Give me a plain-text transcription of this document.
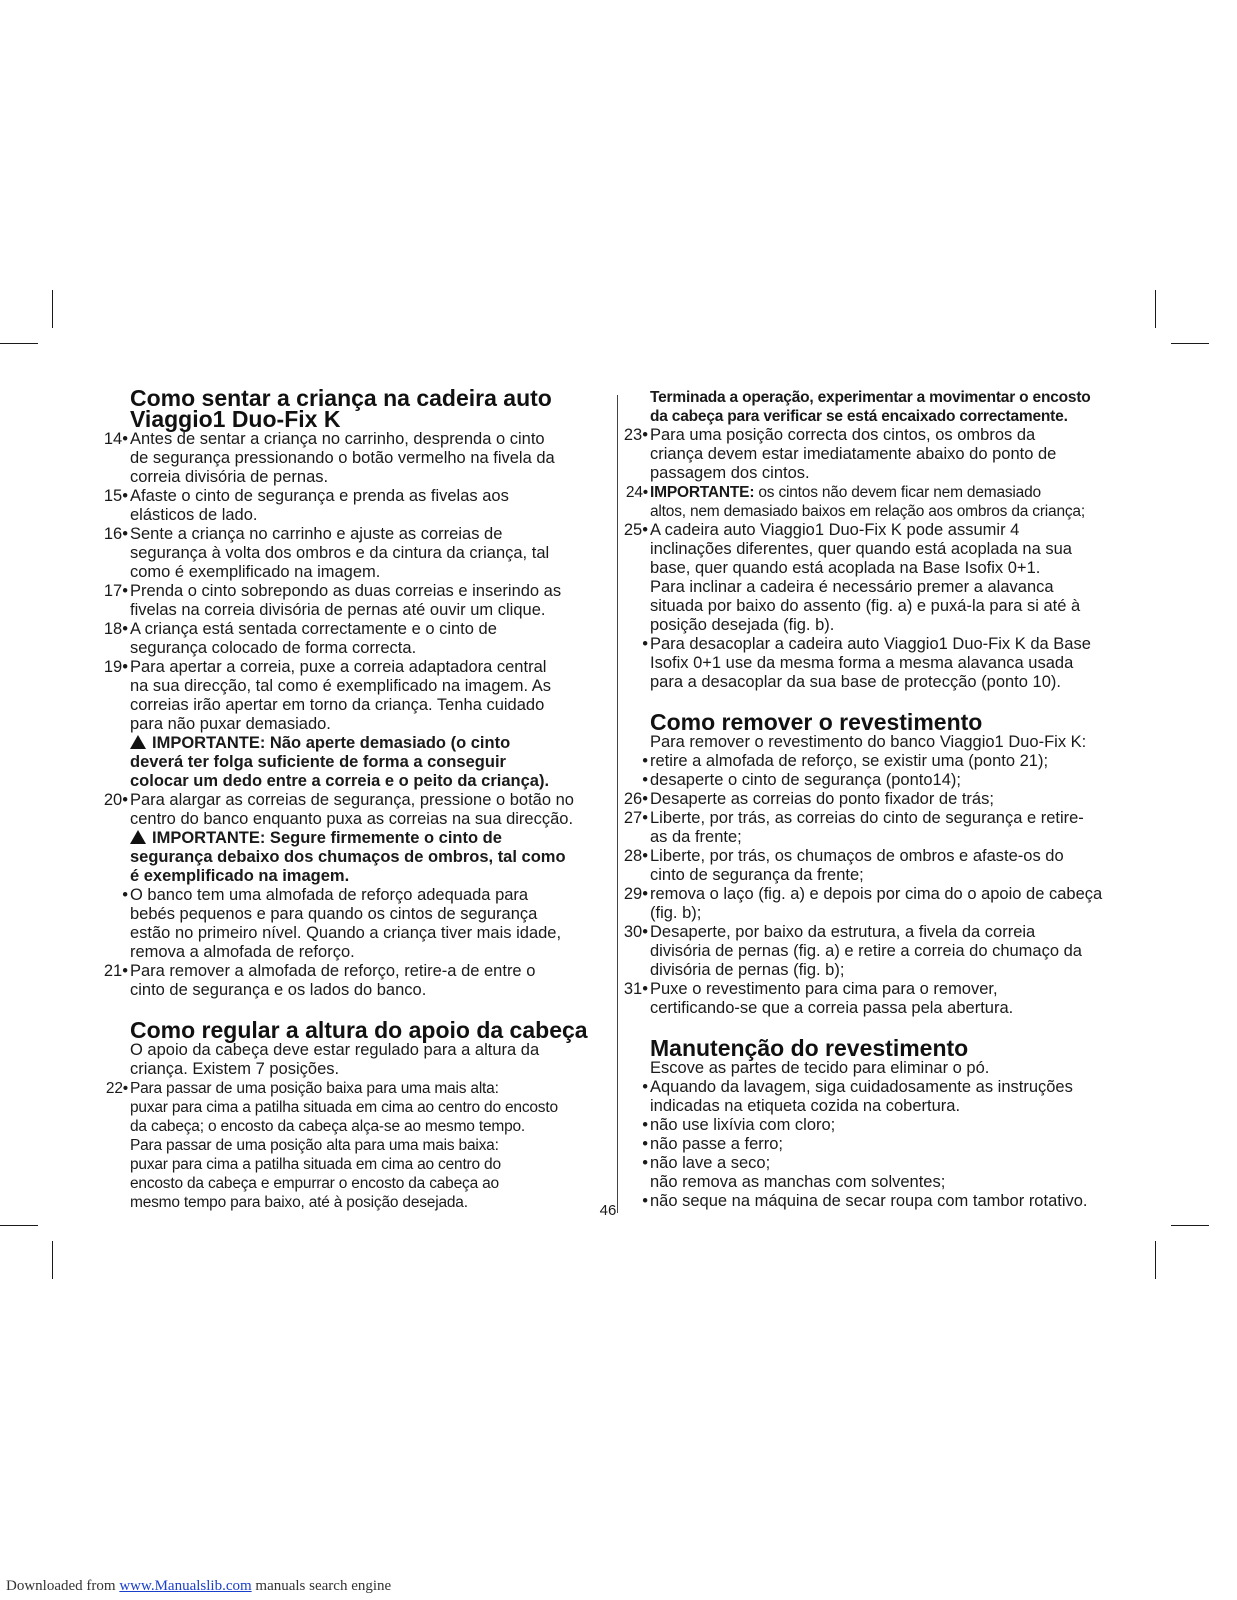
Como sentar a criança na cadeira auto
Viaggio1 Duo-Fix K
14• Antes de sentar a criança no carrinho, desprenda o cinto
de segurança pressionando o botão vermelho na fivela da
correia divisória de pernas.
15• Afaste o cinto de segurança e prenda as fivelas aos
elásticos de lado.
16• Sente a criança no carrinho e ajuste as correias de
segurança à volta dos ombros e da cintura da criança, tal
como é exemplificado na imagem.
17• Prenda o cinto sobrepondo as duas correias e inserindo as
fivelas na correia divisória de pernas até ouvir um clique.
18• A criança está sentada correctamente e o cinto de
segurança colocado de forma correcta.
19• Para apertar a correia, puxe a correia adaptadora central
na sua direcção, tal como é exemplificado na imagem. As
correias irão apertar em torno da criança. Tenha cuidado
para não puxar demasiado.
IMPORTANTE: Não aperte demasiado (o cinto
deverá ter folga suficiente de forma a conseguir
colocar um dedo entre a correia e o peito da criança).
20• Para alargar as correias de segurança, pressione o botão no
centro do banco enquanto puxa as correias na sua direcção.
IMPORTANTE: Segure firmemente o cinto de
segurança debaixo dos chumaços de ombros, tal como
é exemplificado na imagem.
• O banco tem uma almofada de reforço adequada para
bebés pequenos e para quando os cintos de segurança
estão no primeiro nível. Quando a criança tiver mais idade,
remova a almofada de reforço.
21• Para remover a almofada de reforço, retire-a de entre o
cinto de segurança e os lados do banco.
Como regular a altura do apoio da cabeça
O apoio da cabeça deve estar regulado para a altura da
criança. Existem 7 posições.
22• Para passar de uma posição baixa para uma mais alta:
puxar para cima a patilha situada em cima ao centro do encosto
da cabeça; o encosto da cabeça alça-se ao mesmo tempo.
Para passar de uma posição alta para uma mais baixa:
puxar para cima a patilha situada em cima ao centro do
encosto da cabeça e empurrar o encosto da cabeça ao
mesmo tempo para baixo, até à posição desejada.
Terminada a operação, experimentar a movimentar o encosto
da cabeça para verificar se está encaixado correctamente.
23• Para uma posição correcta dos cintos, os ombros da
criança devem estar imediatamente abaixo do ponto de
passagem dos cintos.
24• IMPORTANTE: os cintos não devem ficar nem demasiado
altos, nem demasiado baixos em relação aos ombros da criança;
25• A cadeira auto Viaggio1 Duo-Fix K pode assumir 4
inclinações diferentes, quer quando está acoplada na sua
base, quer quando está acoplada na Base Isofix 0+1.
Para inclinar a cadeira é necessário premer a alavanca
situada por baixo do assento (fig. a) e puxá-la para si até à
posição desejada (fig. b).
• Para desacoplar a cadeira auto Viaggio1 Duo-Fix K da Base
Isofix 0+1 use da mesma forma a mesma alavanca usada
para a desacoplar da sua base de protecção (ponto 10).
Como remover o revestimento
Para remover o revestimento do banco Viaggio1 Duo-Fix K:
• retire a almofada de reforço, se existir uma (ponto 21);
• desaperte o cinto de segurança (ponto14);
26• Desaperte as correias do ponto fixador de trás;
27• Liberte, por trás, as correias do cinto de segurança e retire-
as da frente;
28• Liberte, por trás, os chumaços de ombros e afaste-os do
cinto de segurança da frente;
29• remova o laço (fig. a) e depois por cima do o apoio de cabeça
(fig. b);
30• Desaperte, por baixo da estrutura, a fivela da correia
divisória de pernas (fig. a) e retire a correia do chumaço da
divisória de pernas (fig. b);
31• Puxe o revestimento para cima para o remover,
certificando-se que a correia passa pela abertura.
Manutenção do revestimento
Escove as partes de tecido para eliminar o pó.
• Aquando da lavagem, siga cuidadosamente as instruções
indicadas na etiqueta cozida na cobertura.
• não use lixívia com cloro;
• não passe a ferro;
• não lave a seco;
não remova as manchas com solventes;
• não seque na máquina de secar roupa com tambor rotativo.
46
Downloaded from www.Manualslib.com manuals search engine
